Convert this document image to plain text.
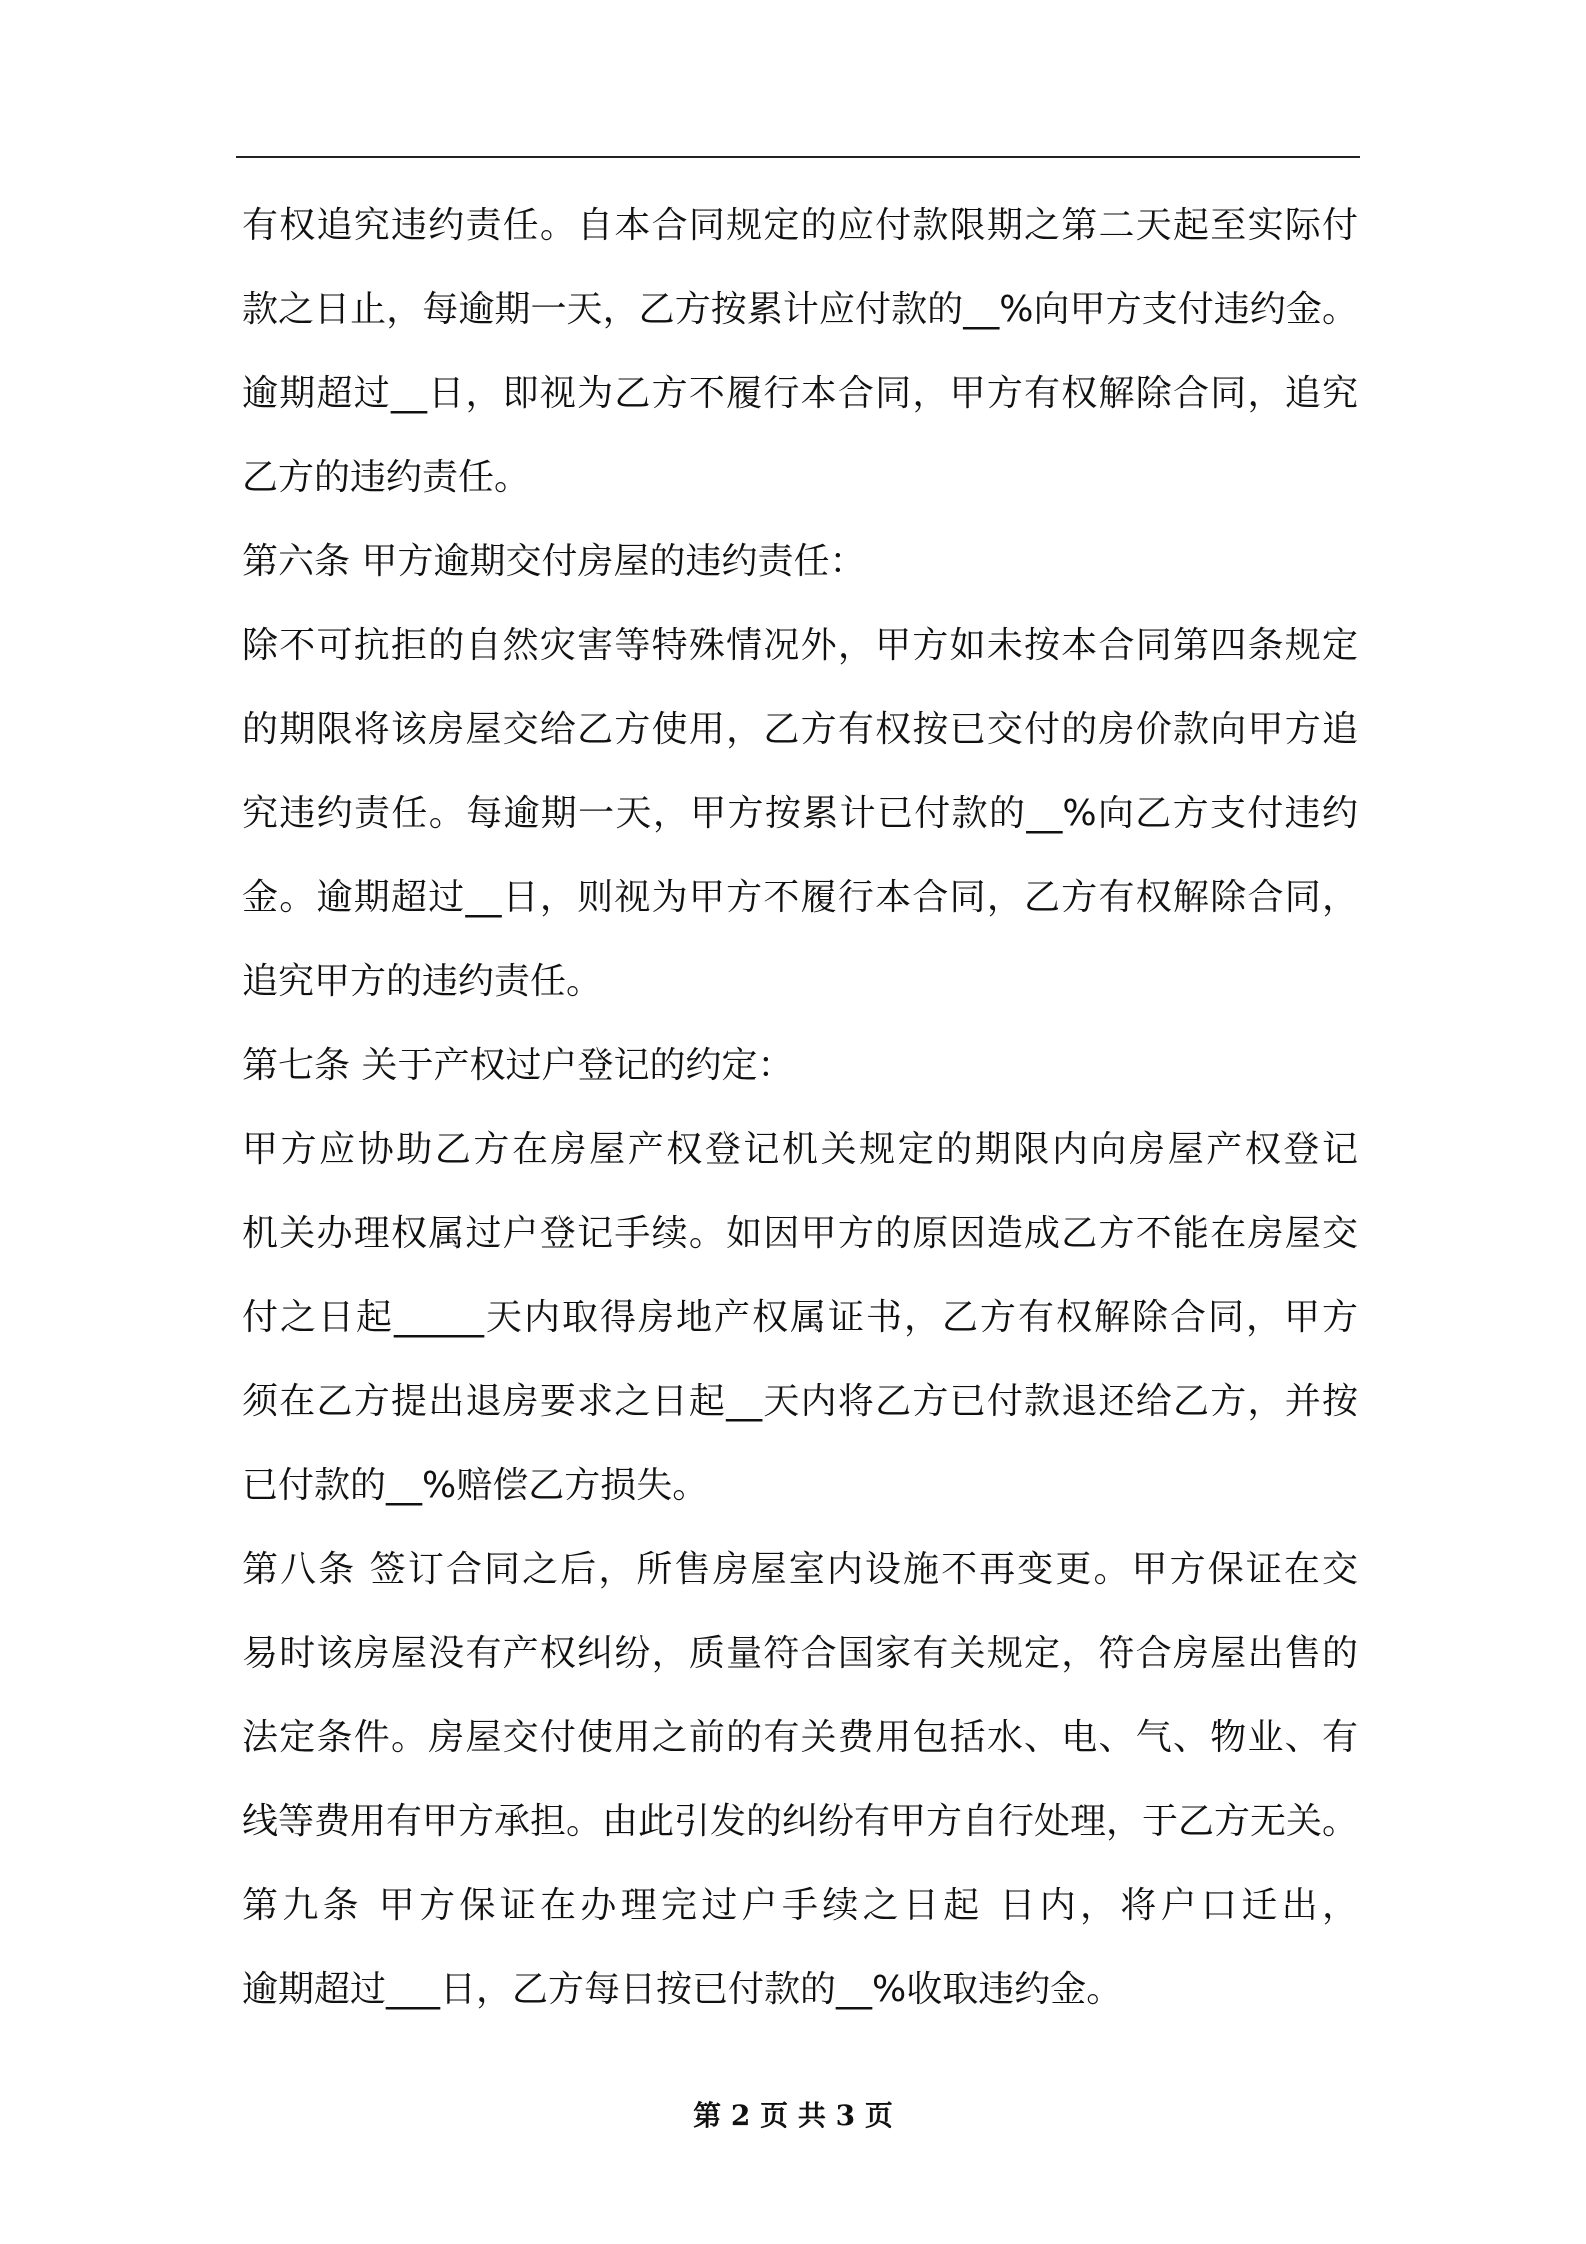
有权追究违约责任。自本合同规定的应付款限期之第二天起至实际付
款之日止，每逾期一天，乙方按累计应付款的__%向甲方支付违约金。
逾期超过__日，即视为乙方不履行本合同，甲方有权解除合同，追究
乙方的违约责任。
第六条 甲方逾期交付房屋的违约责任：
除不可抗拒的自然灾害等特殊情况外，甲方如未按本合同第四条规定
的期限将该房屋交给乙方使用，乙方有权按已交付的房价款向甲方追
究违约责任。每逾期一天，甲方按累计已付款的__%向乙方支付违约
金。逾期超过__日，则视为甲方不履行本合同，乙方有权解除合同，
追究甲方的违约责任。
第七条 关于产权过户登记的约定：
甲方应协助乙方在房屋产权登记机关规定的期限内向房屋产权登记
机关办理权属过户登记手续。如因甲方的原因造成乙方不能在房屋交
付之日起_____天内取得房地产权属证书，乙方有权解除合同，甲方
须在乙方提出退房要求之日起__天内将乙方已付款退还给乙方，并按
已付款的__%赔偿乙方损失。
第八条 签订合同之后，所售房屋室内设施不再变更。甲方保证在交
易时该房屋没有产权纠纷，质量符合国家有关规定，符合房屋出售的
法定条件。房屋交付使用之前的有关费用包括水、电、气、物业、有
线等费用有甲方承担。由此引发的纠纷有甲方自行处理，于乙方无关。
第九条 甲方保证在办理完过户手续之日起 日内，将户口迁出，
逾期超过___日，乙方每日按已付款的__%收取违约金。
第 2 页 共 3 页
